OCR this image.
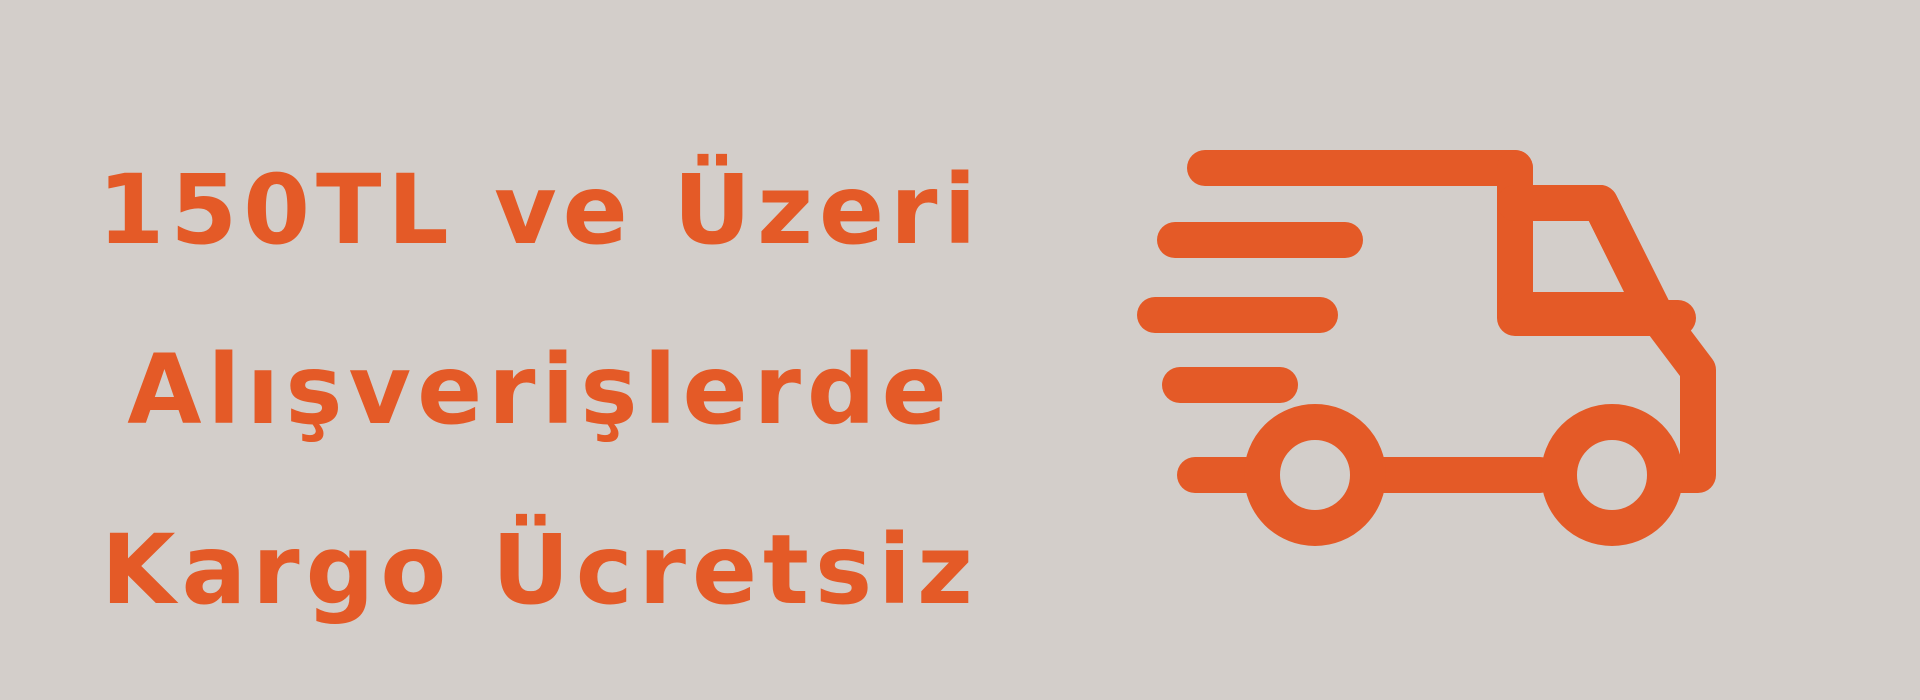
150TL ve Üzeri
Alışverişlerde
Kargo Ücretsiz
